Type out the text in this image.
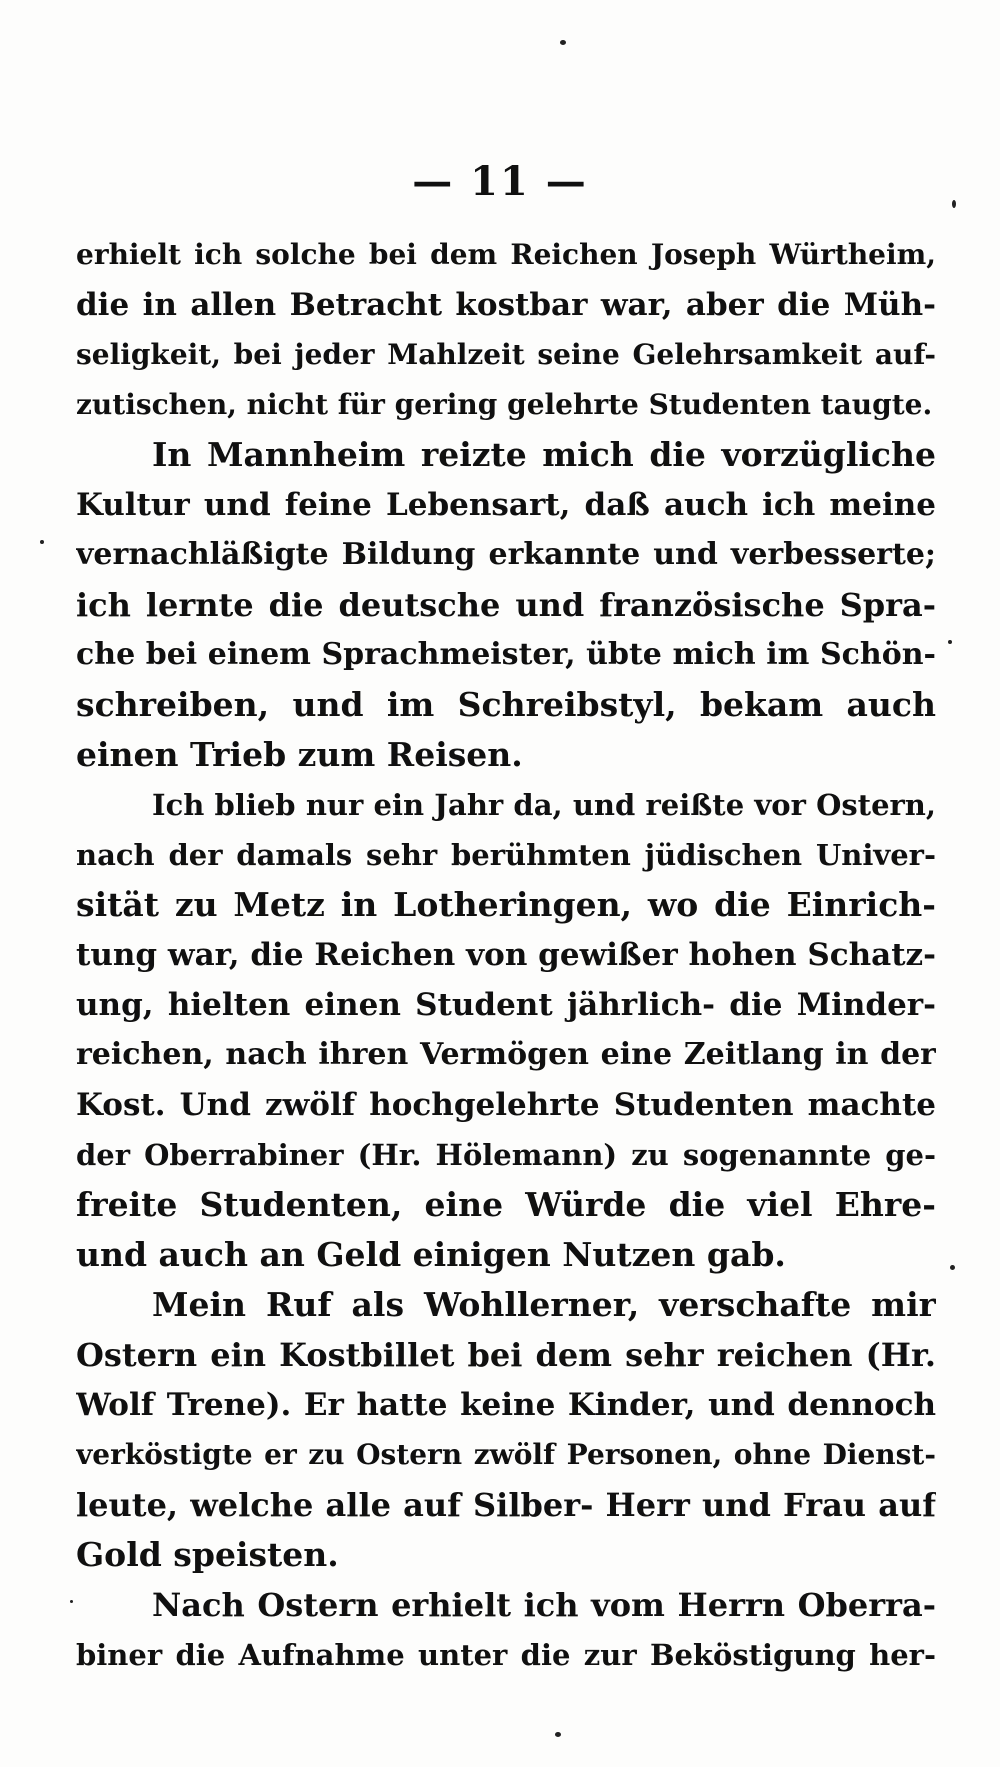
— 11 —
erhielt ich solche bei dem Reichen Joseph Würtheim,
die in allen Betracht kostbar war, aber die Müh-
seligkeit, bei jeder Mahlzeit seine Gelehrsamkeit auf-
zutischen, nicht für gering gelehrte Studenten taugte.
In Mannheim reizte mich die vorzügliche
Kultur und feine Lebensart, daß auch ich meine
vernachläßigte Bildung erkannte und verbesserte;
ich lernte die deutsche und französische Spra-
che bei einem Sprachmeister, übte mich im Schön-
schreiben, und im Schreibstyl, bekam auch
einen Trieb zum Reisen.
Ich blieb nur ein Jahr da, und reißte vor Ostern,
nach der damals sehr berühmten jüdischen Univer-
sität zu Metz in Lotheringen, wo die Einrich-
tung war, die Reichen von gewißer hohen Schatz-
ung, hielten einen Student jährlich- die Minder-
reichen, nach ihren Vermögen eine Zeitlang in der
Kost. Und zwölf hochgelehrte Studenten machte
der Oberrabiner (Hr. Hölemann) zu sogenannte ge-
freite Studenten, eine Würde die viel Ehre-
und auch an Geld einigen Nutzen gab.
Mein Ruf als Wohllerner, verschafte mir
Ostern ein Kostbillet bei dem sehr reichen (Hr.
Wolf Trene). Er hatte keine Kinder, und dennoch
verköstigte er zu Ostern zwölf Personen, ohne Dienst-
leute, welche alle auf Silber- Herr und Frau auf
Gold speisten.
Nach Ostern erhielt ich vom Herrn Oberra-
biner die Aufnahme unter die zur Beköstigung her-
